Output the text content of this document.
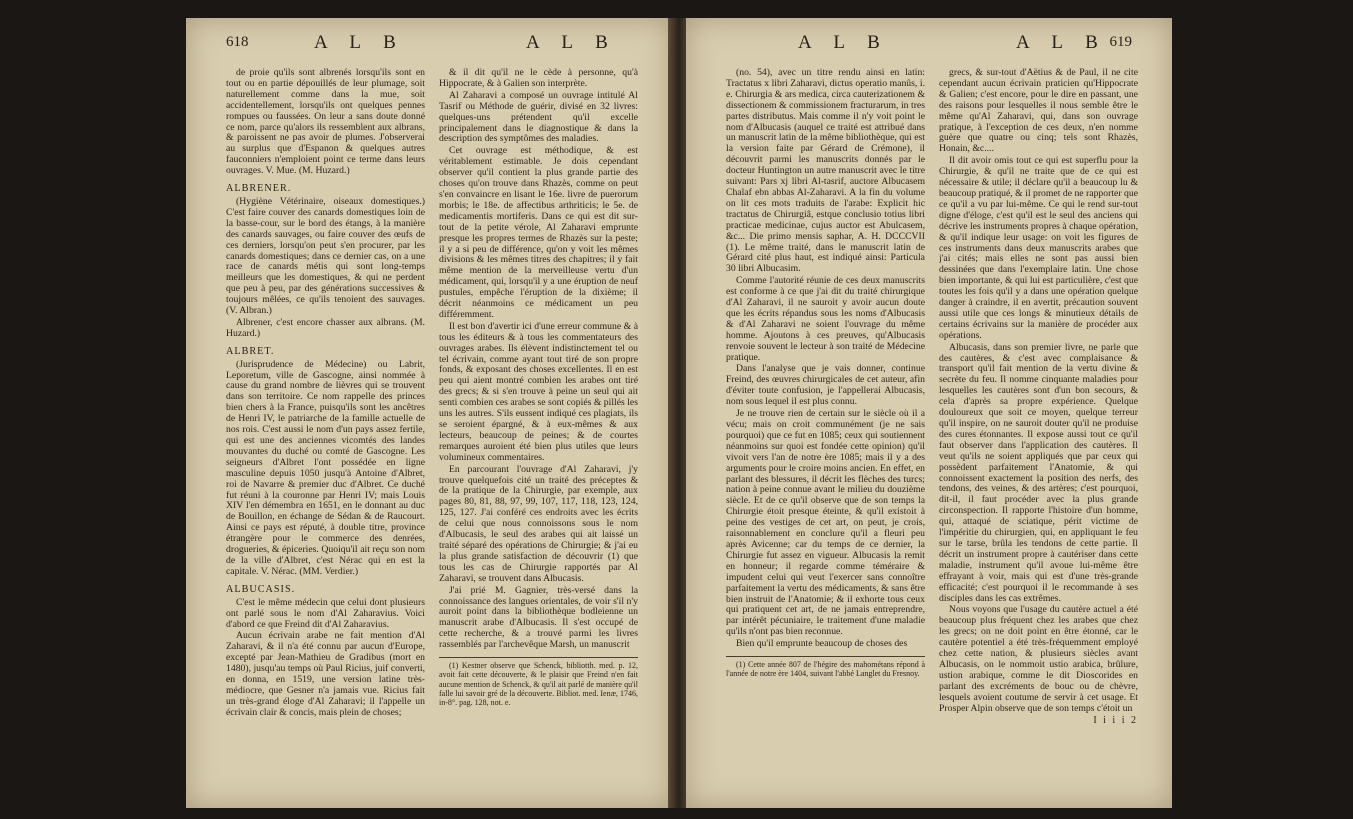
618	A L B	A L B

de proie qu'ils sont albrenés lorsqu'ils sont en tout ou en partie dépouillés de leur plumage, soit naturellement comme dans la mue, soit accidentellement, lorsqu'ils ont quelques pennes rompues ou faussées. On leur a sans doute donné ce nom, parce qu'alors ils ressemblent aux albrans, & paroissent ne pas avoir de plumes. J'observerai au surplus que d'Espanon & quelques autres fauconniers n'emploient point ce terme dans leurs ouvrages. V. Mue. (M. Huzard.)

ALBRENER.

(Hygiène Vétérinaire, oiseaux domestiques.) C'est faire couver des canards domestiques loin de la basse-cour, sur le bord des étangs, à la manière des canards sauvages, ou faire couver des œufs de ces derniers, lorsqu'on peut s'en procurer, par les canards domestiques; dans ce dernier cas, on a une race de canards métis qui sont long-temps meilleurs que les domestiques, & qui ne perdent que peu à peu, par des générations successives & toujours mêlées, ce qu'ils tenoient des sauvages. (V. Albran.)

Albrener, c'est encore chasser aux albrans. (M. Huzard.)

ALBRET.

(Jurisprudence de Médecine) ou Labrit, Leporetum, ville de Gascogne, ainsi nommée à cause du grand nombre de lièvres qui se trouvent dans son territoire. Ce nom rappelle des princes bien chers à la France, puisqu'ils sont les ancêtres de Henri IV, le patriarche de la famille actuelle de nos rois. C'est aussi le nom d'un pays assez fertile, qui est une des anciennes vicomtés des landes mouvantes du duché ou comté de Gascogne. Les seigneurs d'Albret l'ont possédée en ligne masculine depuis 1050 jusqu'à Antoine d'Albret, roi de Navarre & premier duc d'Albret. Ce duché fut réuni à la couronne par Henri IV; mais Louis XIV l'en démembra en 1651, en le donnant au duc de Bouillon, en échange de Sédan & de Raucourt. Ainsi ce pays est réputé, à double titre, province étrangère pour le commerce des denrées, drogueries, & épiceries. Quoiqu'il ait reçu son nom de la ville d'Albret, c'est Nérac qui en est la capitale. V. Nérac. (MM. Verdier.)

ALBUCASIS.

C'est le même médecin que celui dont plusieurs ont parlé sous le nom d'Al Zaharavius. Voici d'abord ce que Freind dit d'Al Zaharavius.

Aucun écrivain arabe ne fait mention d'Al Zaharavi, & il n'a été connu par aucun d'Europe, excepté par Jean-Mathieu de Gradibus (mort en 1480), jusqu'au temps où Paul Ricius, juif converti, en donna, en 1519, une version latine très-médiocre, que Gesner n'a jamais vue. Ricius fait un très-grand éloge d'Al Zaharavi; il l'appelle un écrivain clair & concis, mais plein de choses;

& il dit qu'il ne le cède à personne, qu'à Hippocrate, & à Galien son interprète.

Al Zaharavi a composé un ouvrage intitulé Al Tasrif ou Méthode de guérir, divisé en 32 livres: quelques-uns prétendent qu'il excelle principalement dans le diagnostique & dans la description des symptômes des maladies.

Cet ouvrage est méthodique, & est véritablement estimable. Je dois cependant observer qu'il contient la plus grande partie des choses qu'on trouve dans Rhazès, comme on peut s'en convaincre en lisant le 16e. livre de puerorum morbis; le 18e. de affectibus arthriticis; le 5e. de medicamentis mortiferis. Dans ce qui est dit sur-tout de la petite vérole, Al Zaharavi emprunte presque les propres termes de Rhazès sur la peste; il y a si peu de différence, qu'on y voit les mêmes divisions & les mêmes titres des chapitres; il y fait même mention de la merveilleuse vertu d'un médicament, qui, lorsqu'il y a une éruption de neuf pustules, empêche l'éruption de la dixième; il décrit néanmoins ce médicament un peu différemment.

Il est bon d'avertir ici d'une erreur commune & à tous les éditeurs & à tous les commentateurs des ouvrages arabes. Ils élèvent indistinctement tel ou tel écrivain, comme ayant tout tiré de son propre fonds, & exposant des choses excellentes. Il en est peu qui aient montré combien les arabes ont tiré des grecs; & si s'en trouve à peine un seul qui ait senti combien ces arabes se sont copiés & pillés les uns les autres. S'ils eussent indiqué ces plagiats, ils se seroient épargné, & à eux-mêmes & aux lecteurs, beaucoup de peines; & de courtes remarques auroient été bien plus utiles que leurs volumineux commentaires.

En parcourant l'ouvrage d'Al Zaharavi, j'y trouve quelquefois cité un traité des préceptes & de la pratique de la Chirurgie, par exemple, aux pages 80, 81, 88, 97, 99, 107, 117, 118, 123, 124, 125, 127. J'ai conféré ces endroits avec les écrits de celui que nous connoissons sous le nom d'Albucasis, le seul des arabes qui ait laissé un traité séparé des opérations de Chirurgie; & j'ai eu la plus grande satisfaction de découvrir (1) que tous les cas de Chirurgie rapportés par Al Zaharavi, se trouvent dans Albucasis.

J'ai prié M. Gagnier, très-versé dans la connoissance des langues orientales, de voir s'il n'y auroit point dans la bibliothèque bodleienne un manuscrit arabe d'Albucasis. Il s'est occupé de cette recherche, & a trouvé parmi les livres rassemblés par l'archevêque Marsh, un manuscrit

(1) Kestner observe que Schenck, bibliotth. med. p. 12, avoit fait cette découverte, & le plaisir que Freind n'en fait aucune mention de Schenck, & qu'il ait parlé de manière qu'il falle lui savoir gré de la découverte. Bibliot. med. Ienæ, 1746, in-8°. pag. 128, not. e.

A L B	A L B 619

(no. 54), avec un titre rendu ainsi en latin: Tractatus x libri Zaharavi, dictus operatio manûs, i. e. Chirurgia & ars medica, circa cauterizationem & dissectionem & commissionem fracturarum, in tres partes distributus. Mais comme il n'y voit point le nom d'Albucasis (auquel ce traité est attribué dans un manuscrit latin de la même bibliothèque, qui est la version faite par Gérard de Crémone), il découvrit parmi les manuscrits donnés par le docteur Huntington un autre manuscrit avec le titre suivant: Pars xj libri Al-tasrif, auctore Albucasem Chalaf ebn abbas Al-Zaharavi. A la fin du volume on lit ces mots traduits de l'arabe: Explicit hic tractatus de Chirurgiâ, estque conclusio totius libri practicae medicinae, cujus auctor est Abulcasem, &c... Die primo mensis saphar, A. H. DCCCVII (1). Le même traité, dans le manuscrit latin de Gérard cité plus haut, est indiqué ainsi: Particula 30 libri Albucasim.

Comme l'autorité réunie de ces deux manuscrits est conforme à ce que j'ai dit du traité chirurgique d'Al Zaharavi, il ne sauroit y avoir aucun doute que les écrits répandus sous les noms d'Albucasis & d'Al Zaharavi ne soient l'ouvrage du même homme. Ajoutons à ces preuves, qu'Albucasis renvoie souvent le lecteur à son traité de Médecine pratique.

Dans l'analyse que je vais donner, continue Freind, des œuvres chirurgicales de cet auteur, afin d'éviter toute confusion, je l'appellerai Albucasis, nom sous lequel il est plus connu.

Je ne trouve rien de certain sur le siècle où il a vécu; mais on croit communément (je ne sais pourquoi) que ce fut en 1085; ceux qui soutiennent néanmoins sur quoi est fondée cette opinion) qu'il vivoit vers l'an de notre ère 1085; mais il y a des arguments pour le croire moins ancien. En effet, en parlant des blessures, il décrit les flèches des turcs; nation à peine connue avant le milieu du douzième siècle. Et de ce qu'il observe que de son temps la Chirurgie étoit presque éteinte, & qu'il existoit à peine des vestiges de cet art, on peut, je crois, raisonnablement en conclure qu'il a fleuri peu après Avicenne; car du temps de ce dernier, la Chirurgie fut assez en vigueur. Albucasis la remit en honneur; il regarde comme téméraire & impudent celui qui veut l'exercer sans connoître parfaitement la vertu des médicaments, & sans être bien instruit de l'Anatomie; & il exhorte tous ceux qui pratiquent cet art, de ne jamais entreprendre, par intérêt pécuniaire, le traitement d'une maladie qu'ils n'ont pas bien reconnue.

Bien qu'il emprunte beaucoup de choses des

(1) Cette année 807 de l'hégire des mahométans répond à l'année de notre ère 1404, suivant l'abbé Langlet du Fresnoy.

grecs, & sur-tout d'Aëtius & de Paul, il ne cite cependant aucun écrivain praticien qu'Hippocrate & Galien; c'est encore, pour le dire en passant, une des raisons pour lesquelles il nous semble être le même qu'Al Zaharavi, qui, dans son ouvrage pratique, à l'exception de ces deux, n'en nomme guère que quatre ou cinq; tels sont Rhazès, Honain, &c....

Il dit avoir omis tout ce qui est superflu pour la Chirurgie, & qu'il ne traite que de ce qui est nécessaire & utile; il déclare qu'il a beaucoup lu & beaucoup pratiqué, & il promet de ne rapporter que ce qu'il a vu par lui-même. Ce qui le rend sur-tout digne d'éloge, c'est qu'il est le seul des anciens qui décrive les instruments propres à chaque opération, & qu'il indique leur usage: on voit les figures de ces instruments dans deux manuscrits arabes que j'ai cités; mais elles ne sont pas aussi bien dessinées que dans l'exemplaire latin. Une chose bien importante, & qui lui est particulière, c'est que toutes les fois qu'il y a dans une opération quelque danger à craindre, il en avertit, précaution souvent aussi utile que ces longs & minutieux détails de certains écrivains sur la manière de procéder aux opérations.

Albucasis, dans son premier livre, ne parle que des cautères, & c'est avec complaisance & transport qu'il fait mention de la vertu divine & secrète du feu. Il nomme cinquante maladies pour lesquelles les cautères sont d'un bon secours, & cela d'après sa propre expérience. Quelque douloureux que soit ce moyen, quelque terreur qu'il inspire, on ne sauroit douter qu'il ne produise des cures étonnantes. Il expose aussi tout ce qu'il faut observer dans l'application des cautères. Il veut qu'ils ne soient appliqués que par ceux qui possèdent parfaitement l'Anatomie, & qui connoissent exactement la position des nerfs, des tendons, des veines, & des artères; c'est pourquoi, dit-il, il faut procéder avec la plus grande circonspection. Il rapporte l'histoire d'un homme, qui, attaqué de sciatique, périt victime de l'impéritie du chirurgien, qui, en appliquant le feu sur le tarse, brûla les tendons de cette partie. Il décrit un instrument propre à cautériser dans cette maladie, instrument qu'il avoue lui-même être effrayant à voir, mais qui est d'une très-grande efficacité; c'est pourquoi il le recommande à ses disciples dans les cas extrêmes.

Nous voyons que l'usage du cautère actuel a été beaucoup plus fréquent chez les arabes que chez les grecs; on ne doit point en être étonné, car le cautère potentiel a été très-fréquemment employé chez cette nation, & plusieurs siècles avant Albucasis, on le nommoit ustio arabica, brûlure, ustion arabique, comme le dit Dioscorides en parlant des excréments de bouc ou de chèvre, lesquels avoient coutume de servir à cet usage. Et Prosper Alpin observe que de son temps c'étoit un

I i i i 2
